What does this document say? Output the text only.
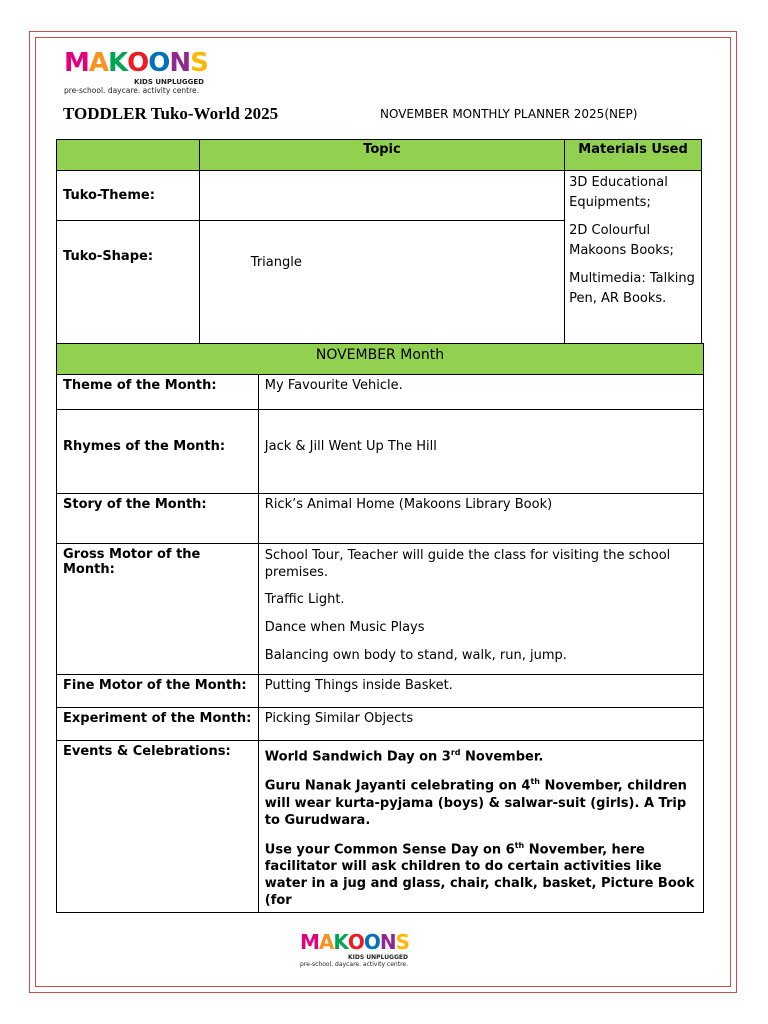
MAKOONS
KIDS UNPLUGGED
pre-school. daycare. activity centre.
TODDLER Tuko-World 2025	NOVEMBER MONTHLY PLANNER 2025(NEP)
	Topic	Materials Used
Tuko-Theme:		3D Educational Equipments;

2D Colourful Makoons Books;

Multimedia: Talking Pen, AR Books.

Tuko-Shape:	Triangle	
NOVEMBER Month	
Theme of the Month:	My Favourite Vehicle.
Rhymes of the Month:	Jack & Jill Went Up The Hill
Story of the Month:	Rick’s Animal Home (Makoons Library Book)
Gross Motor of the Month:	School Tour, Teacher will guide the class for visiting the school premises.

Traffic Light.

Dance when Music Plays

Balancing own body to stand, walk, run, jump.

Fine Motor of the Month:	Putting Things inside Basket.
Experiment of the Month:	Picking Similar Objects
Events & Celebrations:	World Sandwich Day on 3rd November.

Guru Nanak Jayanti celebrating on 4th November, children will wear kurta-pyjama (boys) & salwar-suit (girls). A Trip to Gurudwara.

Use your Common Sense Day on 6th November, here facilitator will ask children to do certain activities like water in a jug and glass, chair, chalk, basket, Picture Book (for

MAKOONS
KIDS UNPLUGGED
pre-school. daycare. activity centre.
